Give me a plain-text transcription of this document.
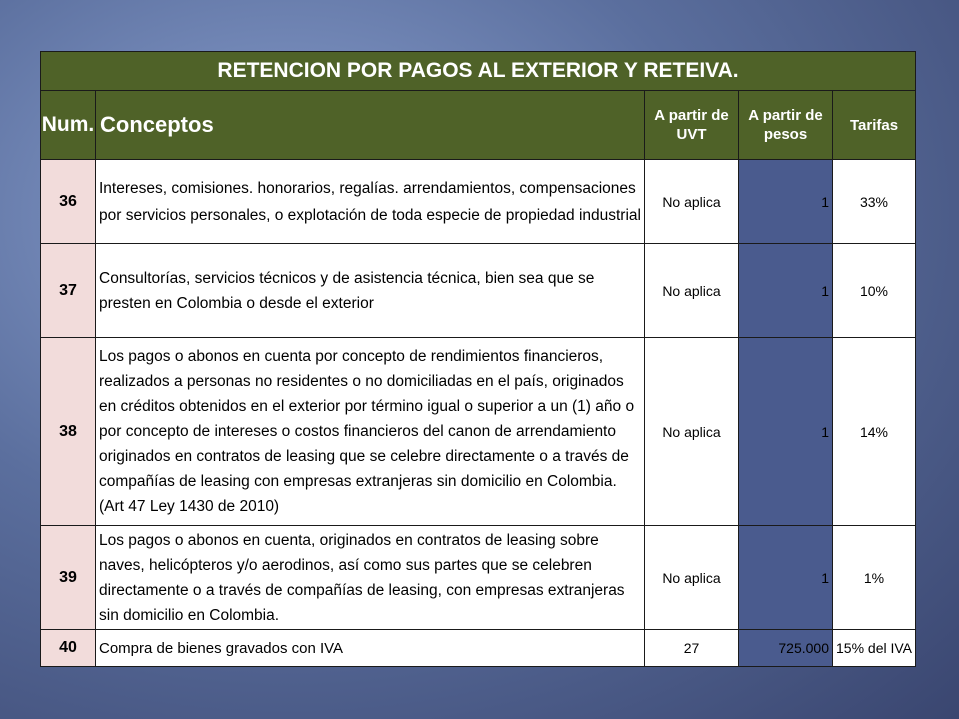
RETENCION POR PAGOS AL EXTERIOR Y RETEIVA.				
Num.	Conceptos	A partir de UVT	A partir de pesos	Tarifas
36	Intereses, comisiones. honorarios, regalías. arrendamientos, compensaciones por servicios personales, o explotación de toda especie de propiedad industrial	No aplica	1	33%
37	Consultorías, servicios técnicos y de asistencia técnica, bien sea que se presten en Colombia o desde el exterior	No aplica	1	10%
38	Los pagos o abonos en cuenta por concepto de rendimientos financieros, realizados a personas no residentes o no domiciliadas en el país, originados en créditos obtenidos en el exterior por término igual o superior a un (1) año o por concepto de intereses o costos financieros del canon de arrendamiento originados en contratos de leasing que se celebre directamente o a través de compañías de leasing con empresas extranjeras sin domicilio en Colombia. (Art 47 Ley 1430 de 2010)	No aplica	1	14%
39	Los pagos o abonos en cuenta, originados en contratos de leasing sobre naves, helicópteros y/o aerodinos, así como sus partes que se celebren directamente o a través de compañías de leasing, con empresas extranjeras sin domicilio en Colombia.	No aplica	1	1%
40	Compra de bienes gravados con IVA	27	725.000	15% del IVA
